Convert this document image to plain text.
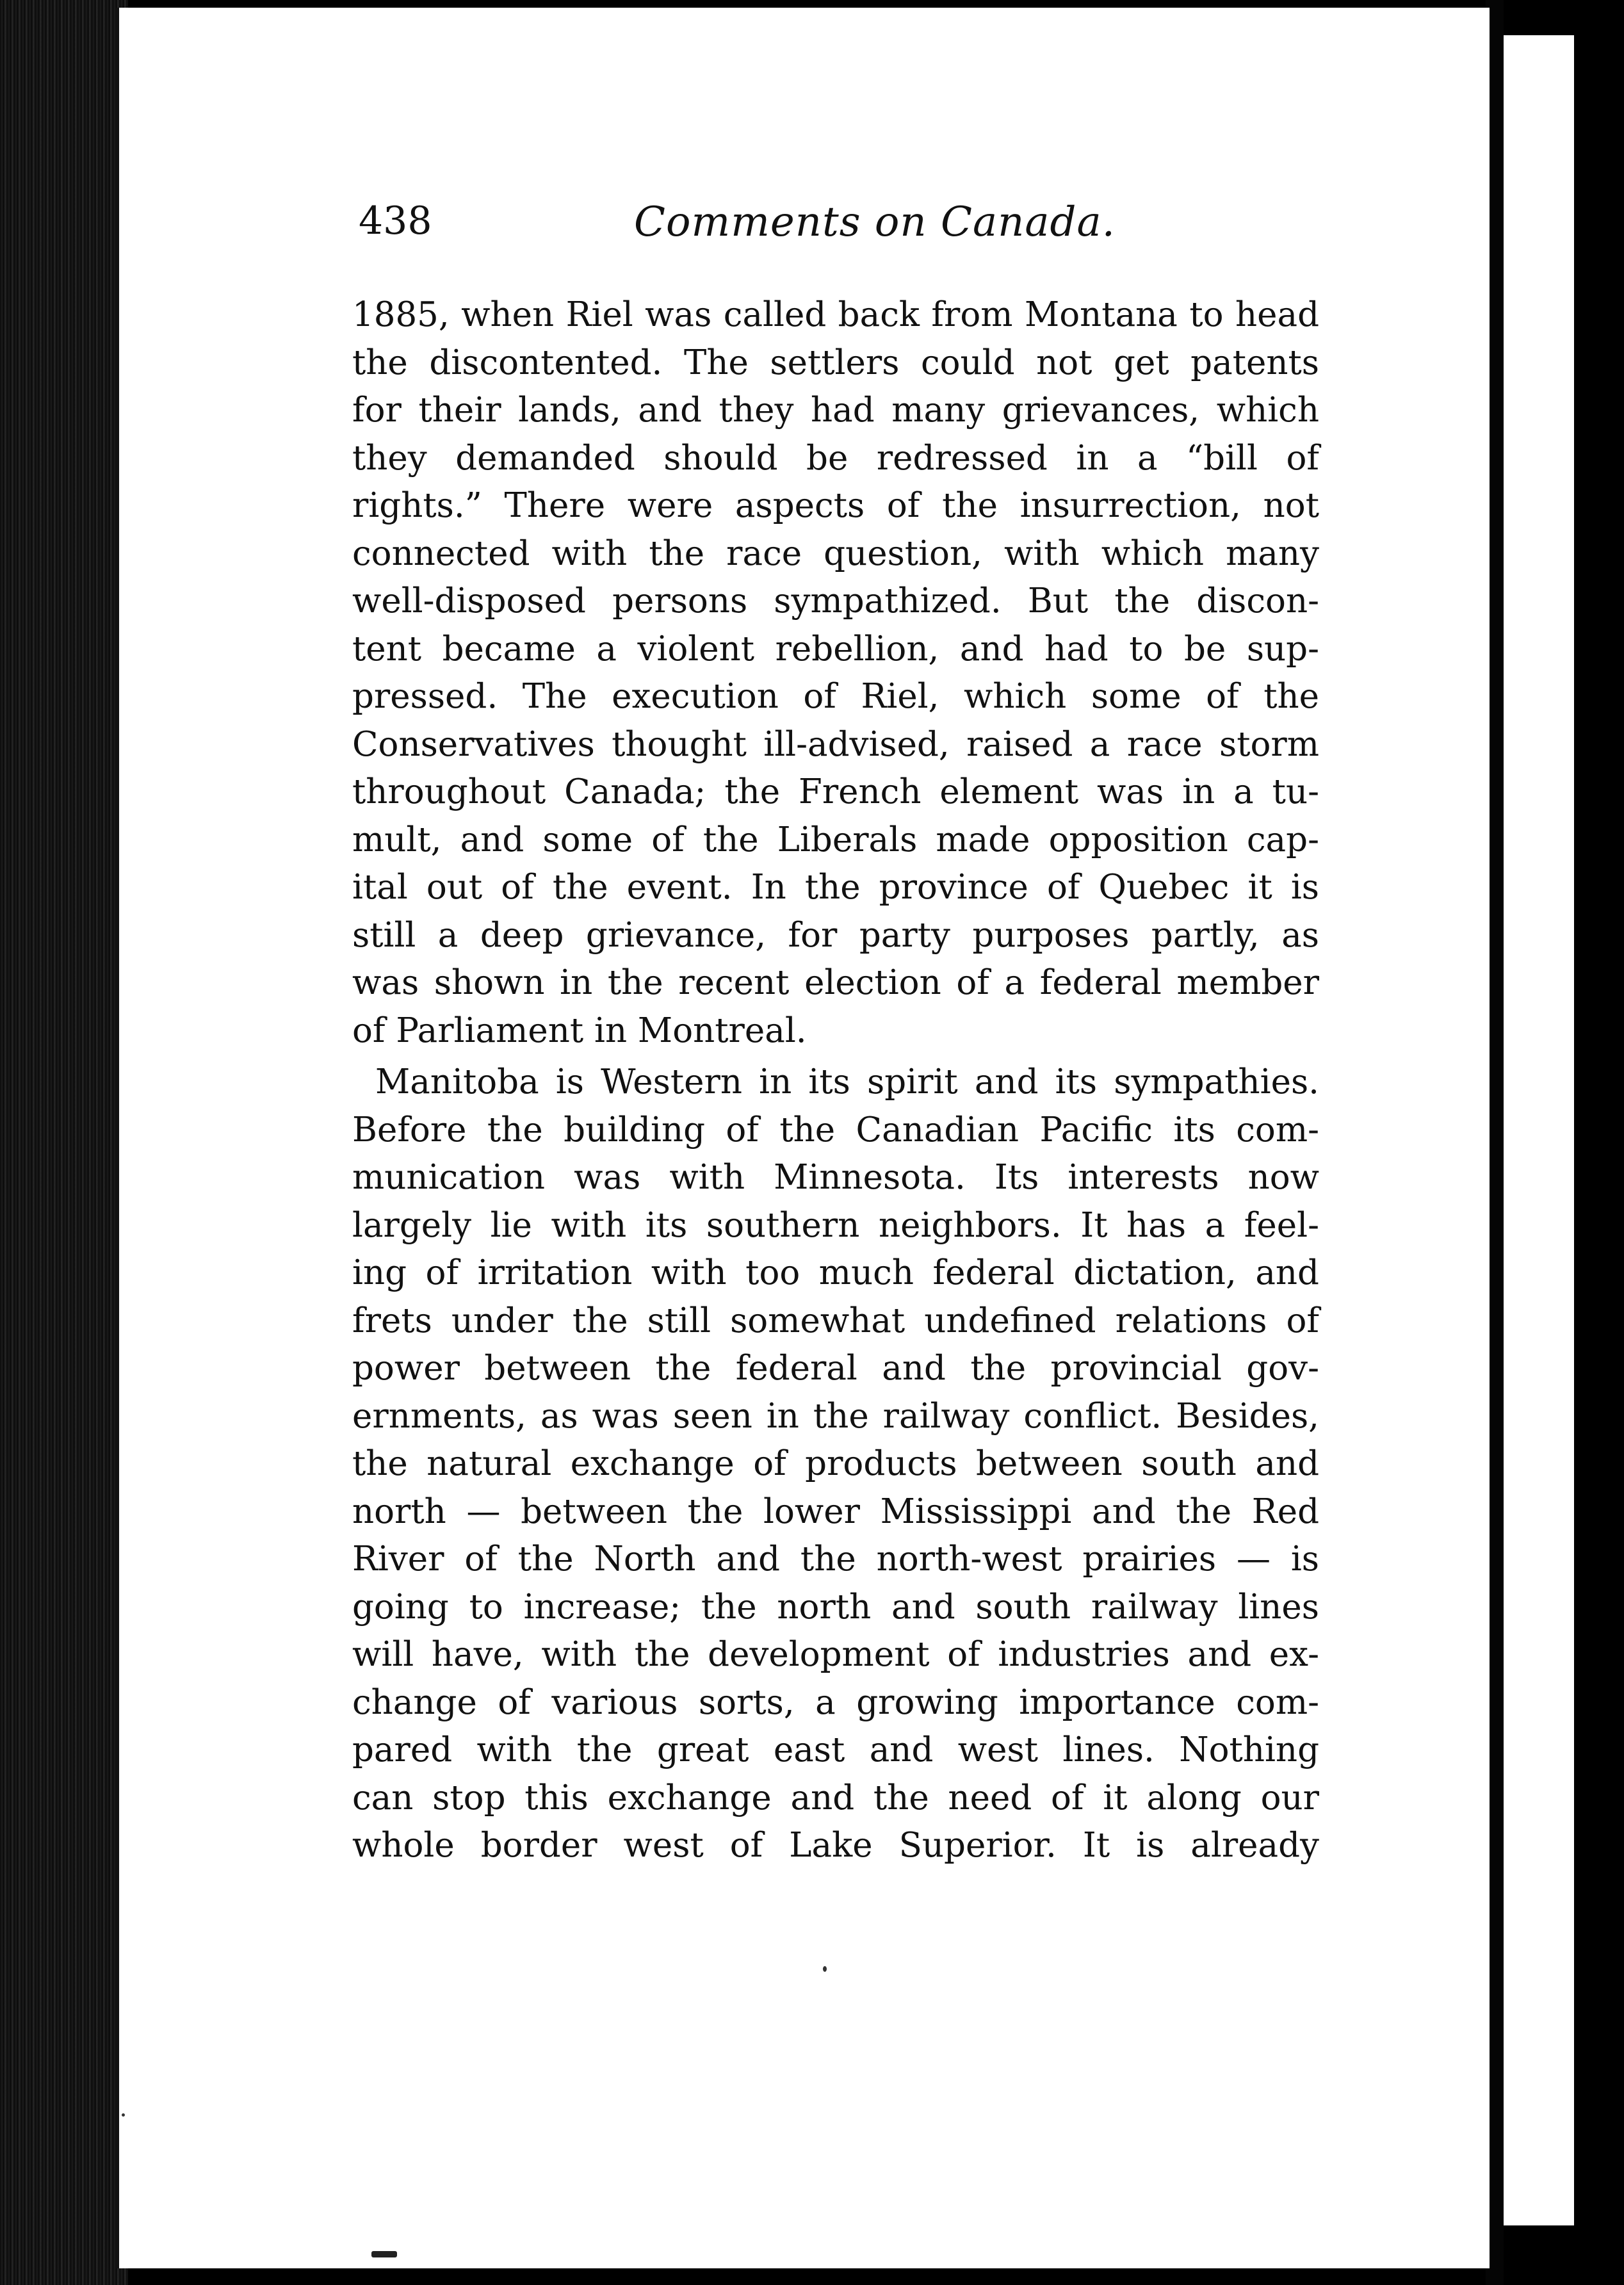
438	Comments on Canada.
1885, when Riel was called back from Montana to head
the discontented. The settlers could not get patents
for their lands, and they had many grievances, which
they demanded should be redressed in a “bill of
rights.” There were aspects of the insurrection, not
connected with the race question, with which many
well-disposed persons sympathized. But the discon-
tent became a violent rebellion, and had to be sup-
pressed. The execution of Riel, which some of the
Conservatives thought ill-advised, raised a race storm
throughout Canada; the French element was in a tu-
mult, and some of the Liberals made opposition cap-
ital out of the event. In the province of Quebec it is
still a deep grievance, for party purposes partly, as
was shown in the recent election of a federal member
of Parliament in Montreal.
Manitoba is Western in its spirit and its sympathies.
Before the building of the Canadian Pacific its com-
munication was with Minnesota. Its interests now
largely lie with its southern neighbors. It has a feel-
ing of irritation with too much federal dictation, and
frets under the still somewhat undefined relations of
power between the federal and the provincial gov-
ernments, as was seen in the railway conflict. Besides,
the natural exchange of products between south and
north — between the lower Mississippi and the Red
River of the North and the north-west prairies — is
going to increase; the north and south railway lines
will have, with the development of industries and ex-
change of various sorts, a growing importance com-
pared with the great east and west lines. Nothing
can stop this exchange and the need of it along our
whole border west of Lake Superior. It is already
